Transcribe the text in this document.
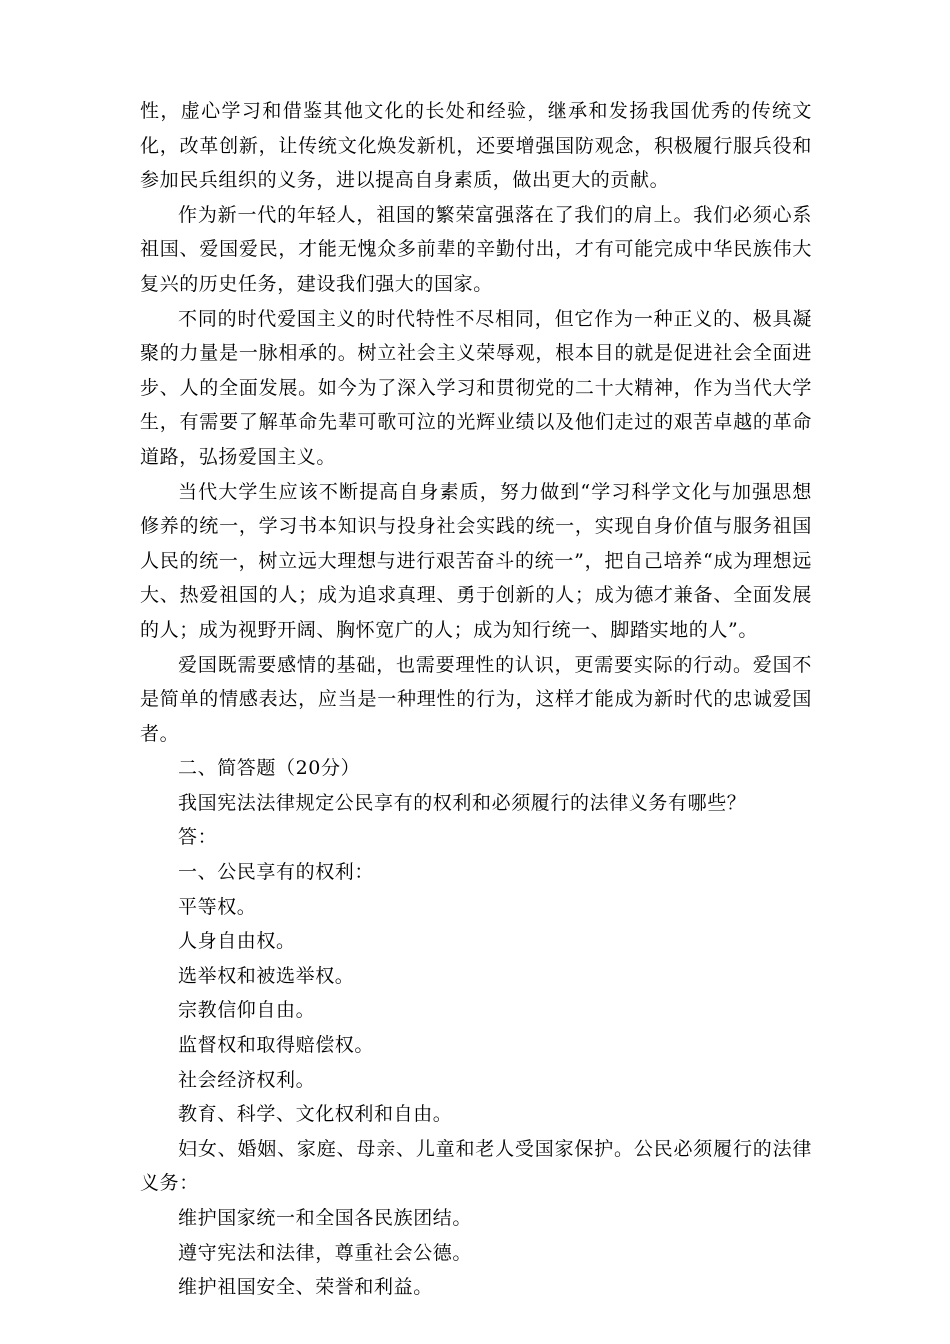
性，虚心学习和借鉴其他文化的长处和经验，继承和发扬我国优秀的传统文化，改革创新，让传统文化焕发新机，还要增强国防观念，积极履行服兵役和参加民兵组织的义务，进以提高自身素质，做出更大的贡献。

作为新一代的年轻人，祖国的繁荣富强落在了我们的肩上。我们必须心系祖国、爱国爱民，才能无愧众多前辈的辛勤付出，才有可能完成中华民族伟大复兴的历史任务，建设我们强大的国家。

不同的时代爱国主义的时代特性不尽相同，但它作为一种正义的、极具凝聚的力量是一脉相承的。树立社会主义荣辱观，根本目的就是促进社会全面进步、人的全面发展。如今为了深入学习和贯彻党的二十大精神，作为当代大学生，有需要了解革命先辈可歌可泣的光辉业绩以及他们走过的艰苦卓越的革命道路，弘扬爱国主义。

当代大学生应该不断提高自身素质，努力做到“学习科学文化与加强思想修养的统一，学习书本知识与投身社会实践的统一，实现自身价值与服务祖国人民的统一，树立远大理想与进行艰苦奋斗的统一”，把自己培养“成为理想远大、热爱祖国的人；成为追求真理、勇于创新的人；成为德才兼备、全面发展的人；成为视野开阔、胸怀宽广的人；成为知行统一、脚踏实地的人”。

爱国既需要感情的基础，也需要理性的认识，更需要实际的行动。爱国不是简单的情感表达，应当是一种理性的行为，这样才能成为新时代的忠诚爱国者。

二、简答题（20分）

我国宪法法律规定公民享有的权利和必须履行的法律义务有哪些？

答：

一、公民享有的权利：

平等权。

人身自由权。

选举权和被选举权。

宗教信仰自由。

监督权和取得赔偿权。

社会经济权利。

教育、科学、文化权利和自由。

妇女、婚姻、家庭、母亲、儿童和老人受国家保护。公民必须履行的法律义务：

维护国家统一和全国各民族团结。

遵守宪法和法律，尊重社会公德。

维护祖国安全、荣誉和利益。
